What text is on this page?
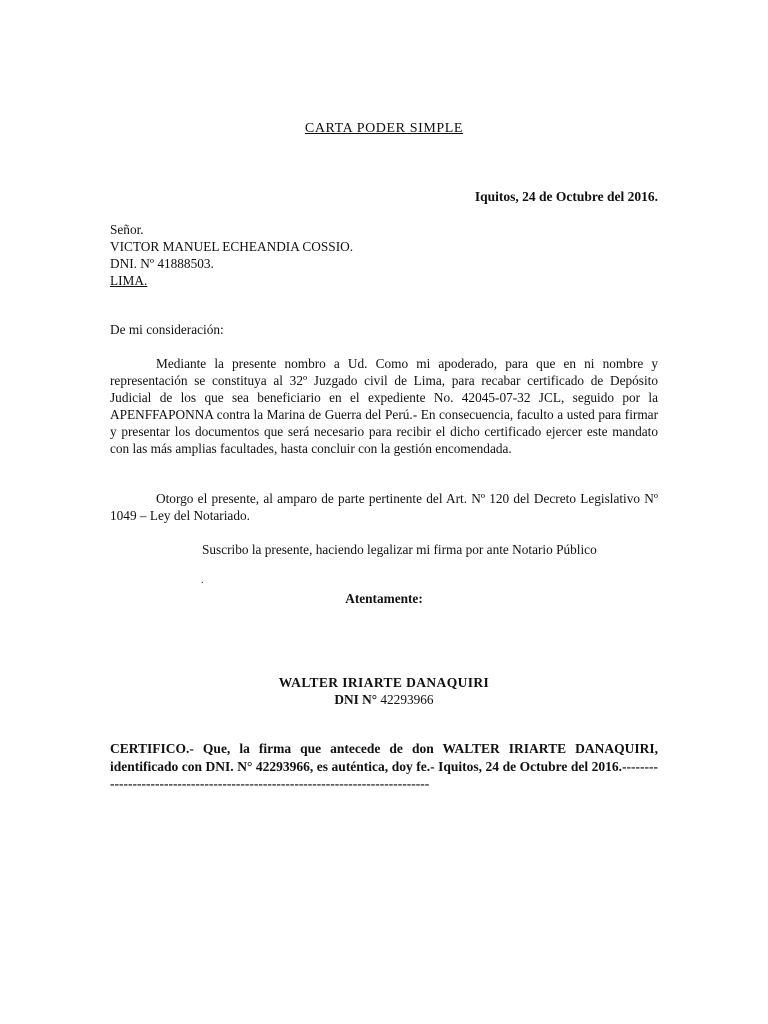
CARTA PODER SIMPLE
Iquitos, 24 de Octubre del 2016.
Señor.
VICTOR MANUEL ECHEANDIA COSSIO.
DNI. Nº 41888503.
LIMA.
De mi consideración:

Mediante la presente nombro a Ud. Como mi apoderado, para que en ni nombre y representación se constituya al 32º Juzgado civil de Lima, para recabar certificado de Depósito Judicial de los que sea beneficiario en el expediente No. 42045-07-32 JCL, seguido por la APENFFAPONNA contra la Marina de Guerra del Perú.- En consecuencia, faculto a usted para firmar y presentar los documentos que será necesario para recibir el dicho certificado ejercer este mandato con las más amplias facultades, hasta concluir con la gestión encomendada.

Otorgo el presente, al amparo de parte pertinente del Art. Nº 120 del Decreto Legislativo Nº 1049 – Ley del Notariado.

Suscribo la presente, haciendo legalizar mi firma por ante Notario Público

.
Atentamente:
WALTER IRIARTE DANAQUIRI
DNI N° 42293966
CERTIFICO.- Que, la firma que antecede de don WALTER IRIARTE DANAQUIRI, identificado con DNI. N° 42293966, es auténtica, doy fe.- Iquitos, 24 de Octubre del 2016.-------------------------------------------------------------------------------
